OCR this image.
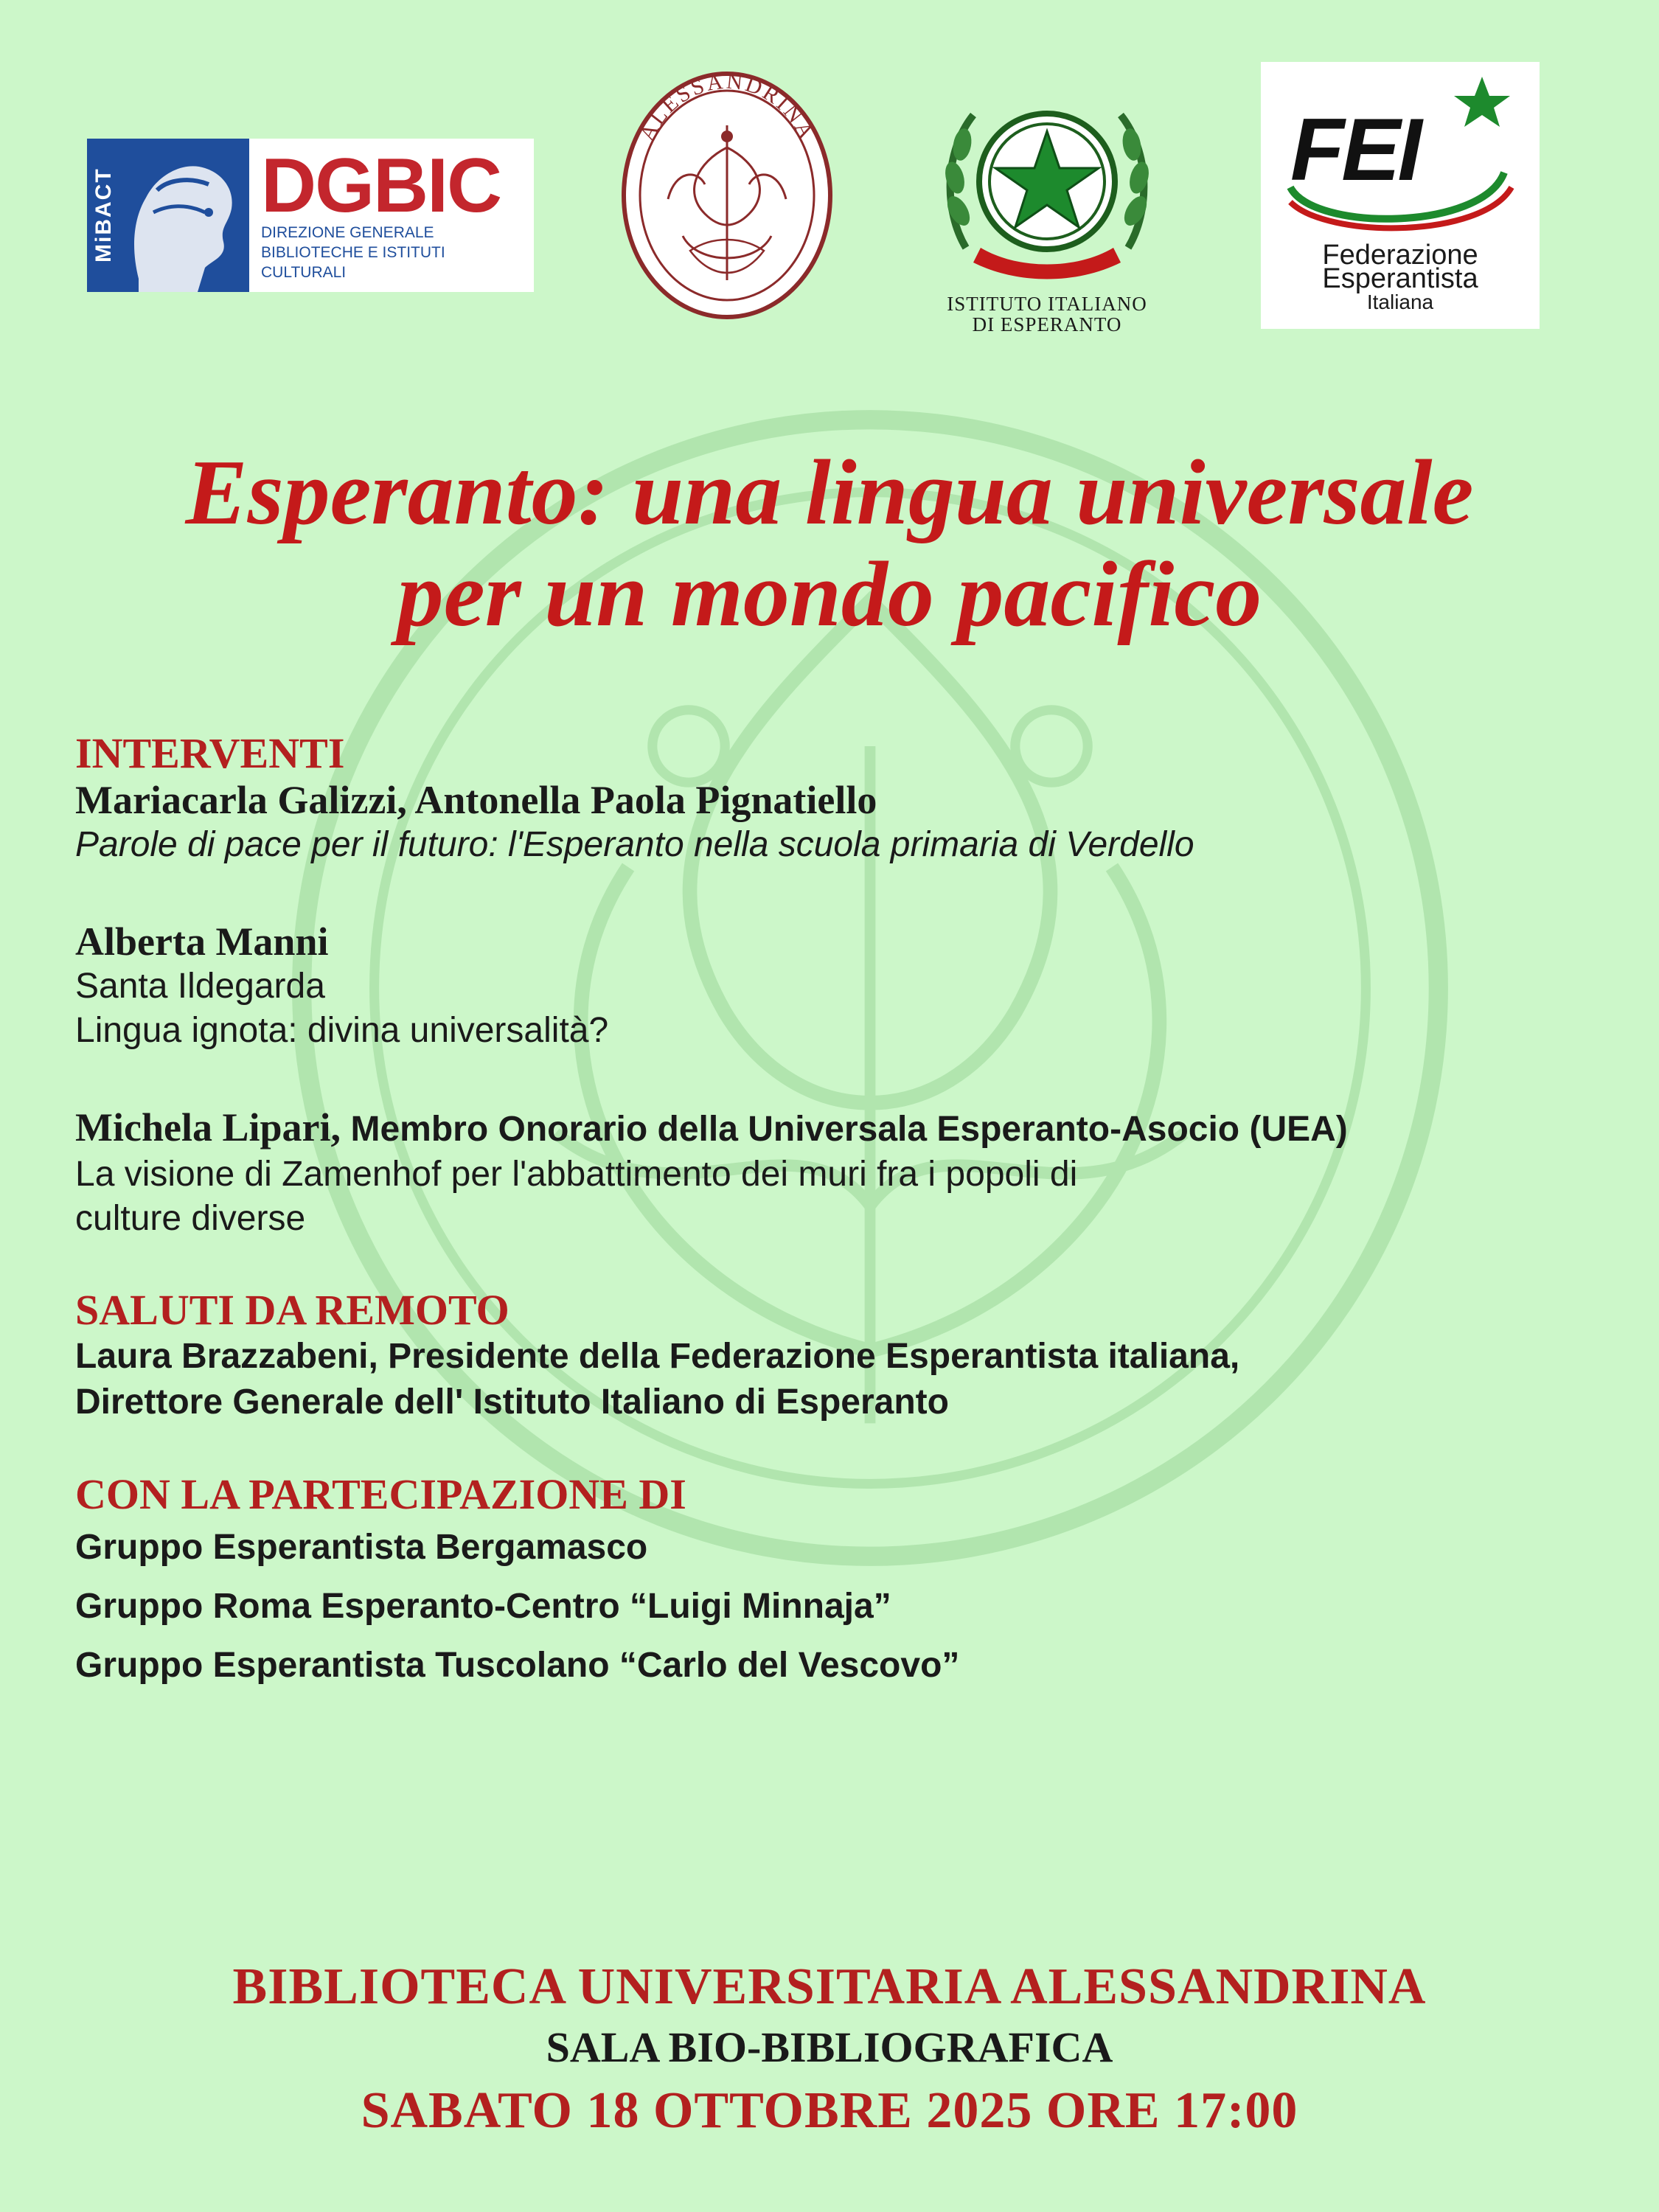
MiBACT DGBIC
DIREZIONE GENERALE
BIBLIOTECHE E ISTITUTI CULTURALI
ALESSANDRINA
ISTITUTO ITALIANO
DI ESPERANTO
FEI
Federazione
Esperantista
Italiana
Esperanto: una lingua universale
per un mondo pacifico

INTERVENTI

Mariacarla Galizzi, Antonella Paola Pignatiello

Parole di pace per il futuro: l'Esperanto nella scuola primaria di Verdello

Alberta Manni

Santa Ildegarda

Lingua ignota: divina universalità?

Michela Lipari, Membro Onorario della Universala Esperanto-Asocio (UEA)

La visione di Zamenhof per l'abbattimento dei muri fra i popoli di

culture diverse

SALUTI DA REMOTO

Laura Brazzabeni, Presidente della Federazione Esperantista italiana,

Direttore Generale dell' Istituto Italiano di Esperanto

CON LA PARTECIPAZIONE DI

Gruppo Esperantista Bergamasco

Gruppo Roma Esperanto-Centro “Luigi Minnaja”

Gruppo Esperantista Tuscolano “Carlo del Vescovo”

BIBLIOTECA UNIVERSITARIA ALESSANDRINA

SALA BIO-BIBLIOGRAFICA

SABATO 18 OTTOBRE 2025 ORE 17:00
